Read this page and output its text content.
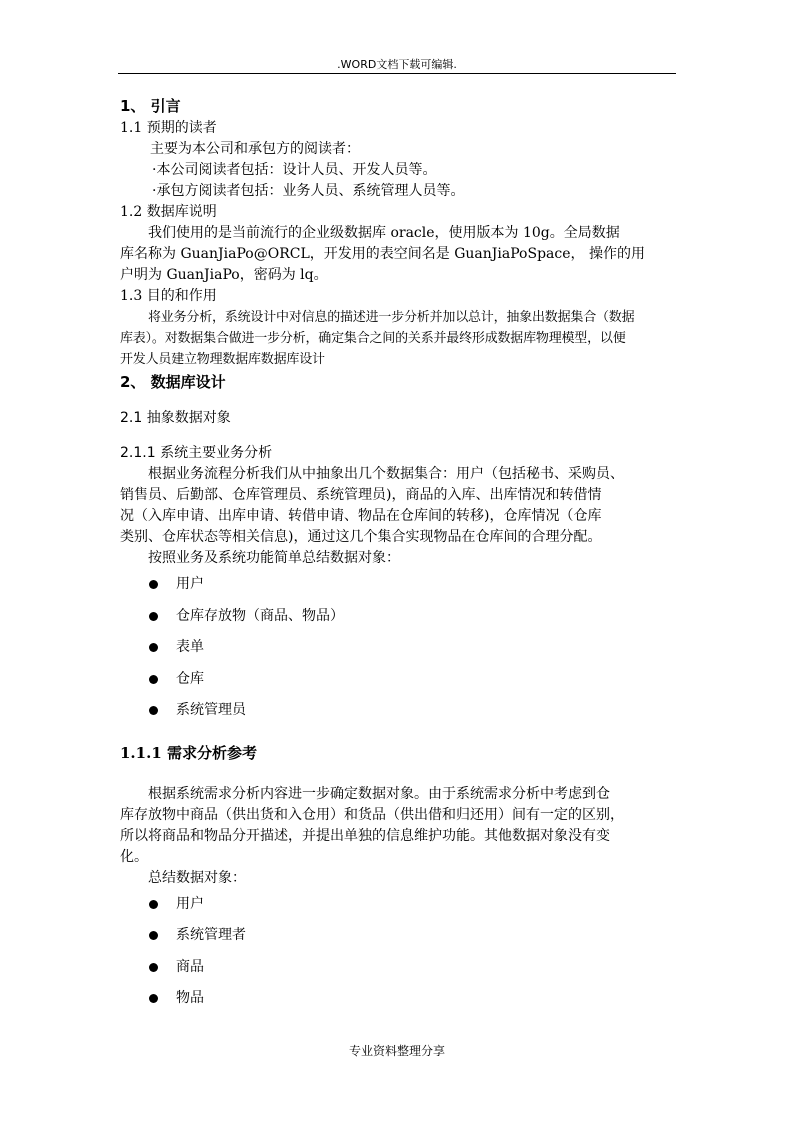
.WORD文档下载可编辑.
1、 引言
1.1 预期的读者
主要为本公司和承包方的阅读者：
·本公司阅读者包括：设计人员、开发人员等。
·承包方阅读者包括：业务人员、系统管理人员等。
1.2 数据库说明
我们使用的是当前流行的企业级数据库 oracle，使用版本为 10g。全局数据
库名称为 GuanJiaPo@ORCL，开发用的表空间名是 GuanJiaPoSpace， 操作的用
户明为 GuanJiaPo，密码为 lq。
1.3 目的和作用
将业务分析，系统设计中对信息的描述进一步分析并加以总计，抽象出数据集合（数据
库表）。对数据集合做进一步分析，确定集合之间的关系并最终形成数据库物理模型，以便
开发人员建立物理数据库数据库设计
2、 数据库设计
2.1 抽象数据对象
2.1.1 系统主要业务分析
根据业务流程分析我们从中抽象出几个数据集合：用户（包括秘书、采购员、
销售员、后勤部、仓库管理员、系统管理员)，商品的入库、出库情况和转借情
况（入库申请、出库申请、转借申请、物品在仓库间的转移)，仓库情况（仓库
类别、仓库状态等相关信息)，通过这几个集合实现物品在仓库间的合理分配。
按照业务及系统功能简单总结数据对象：
用户
仓库存放物（商品、物品）
表单
仓库
系统管理员
1.1.1 需求分析参考
根据系统需求分析内容进一步确定数据对象。由于系统需求分析中考虑到仓
库存放物中商品（供出货和入仓用）和货品（供出借和归还用）间有一定的区别，
所以将商品和物品分开描述，并提出单独的信息维护功能。其他数据对象没有变
化。
总结数据对象：
用户
系统管理者
商品
物品
专业资料整理分享
